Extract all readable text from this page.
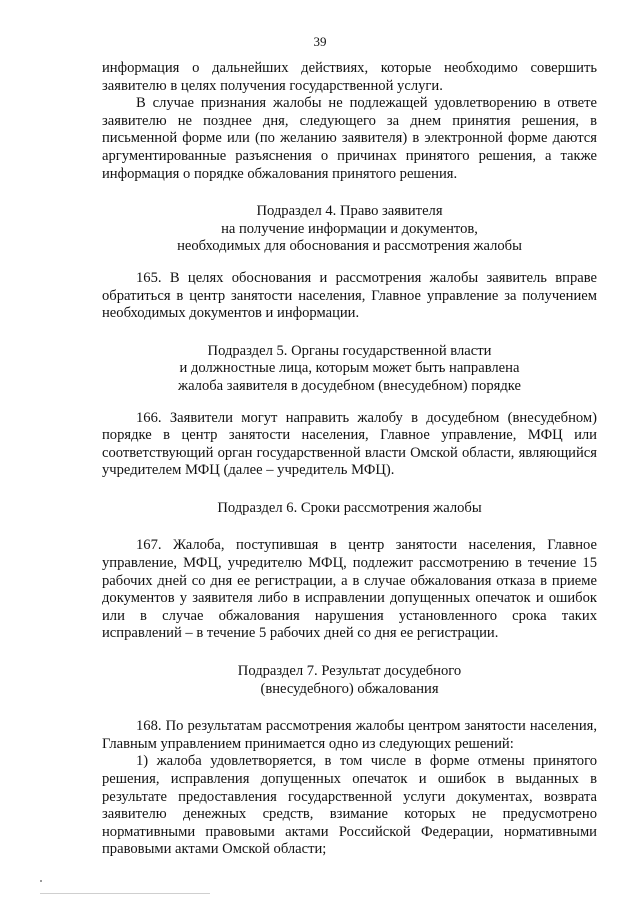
39

информация о дальнейших действиях, которые необходимо совершить заявителю в целях получения государственной услуги.

В случае признания жалобы не подлежащей удовлетворению в ответе заявителю не позднее дня, следующего за днем принятия решения, в письменной форме или (по желанию заявителя) в электронной форме даются аргументированные разъяснения о причинах принятого решения, а также информация о порядке обжалования принятого решения.

Подраздел 4. Право заявителя
на получение информации и документов,
необходимых для обоснования и рассмотрения жалобы

165. В целях обоснования и рассмотрения жалобы заявитель вправе обратиться в центр занятости населения, Главное управление за получением необходимых документов и информации.

Подраздел 5. Органы государственной власти
и должностные лица, которым может быть направлена
жалоба заявителя в досудебном (внесудебном) порядке

166. Заявители могут направить жалобу в досудебном (внесудебном) порядке в центр занятости населения, Главное управление, МФЦ или соответствующий орган государственной власти Омской области, являющийся учредителем МФЦ (далее – учредитель МФЦ).

Подраздел 6. Сроки рассмотрения жалобы

167. Жалоба, поступившая в центр занятости населения, Главное управление, МФЦ, учредителю МФЦ, подлежит рассмотрению в течение 15 рабочих дней со дня ее регистрации, а в случае обжалования отказа в приеме документов у заявителя либо в исправлении допущенных опечаток и ошибок или в случае обжалования нарушения установленного срока таких исправлений – в течение 5 рабочих дней со дня ее регистрации.

Подраздел 7. Результат досудебного
(внесудебного) обжалования

168. По результатам рассмотрения жалобы центром занятости населения, Главным управлением принимается одно из следующих решений:

1) жалоба удовлетворяется, в том числе в форме отмены принятого решения, исправления допущенных опечаток и ошибок в выданных в результате предоставления государственной услуги документах, возврата заявителю денежных средств, взимание которых не предусмотрено нормативными правовыми актами Российской Федерации, нормативными правовыми актами Омской области;
